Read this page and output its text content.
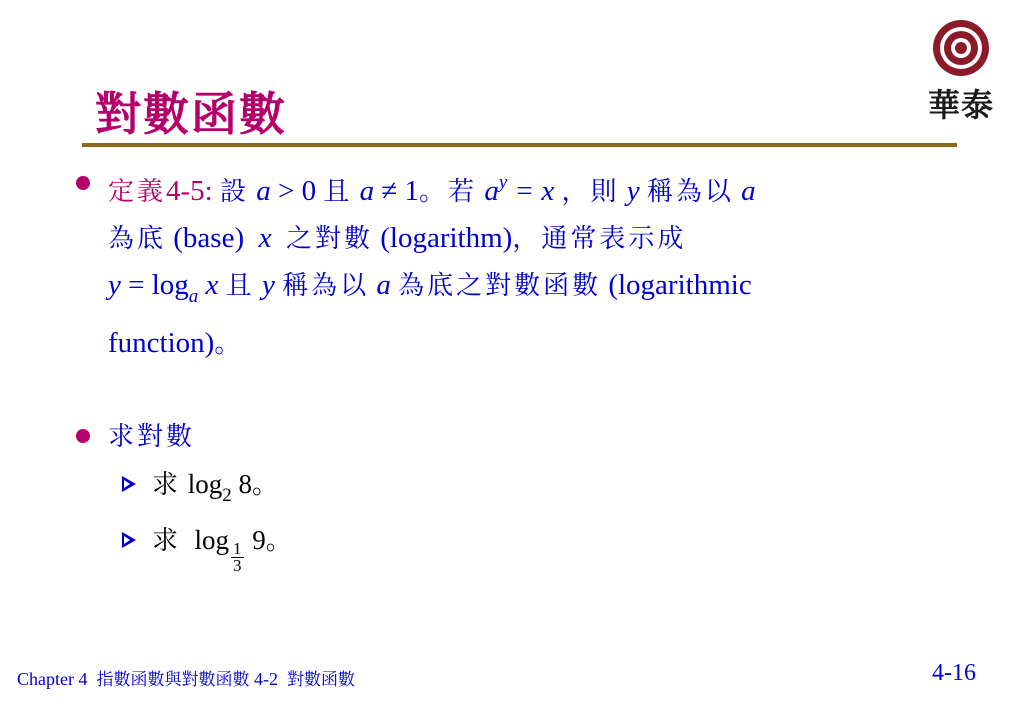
對數函數	華泰
定義4-5: 設 a > 0 且 a ≠ 1。若 $a^y = x$ ，則 y 稱為以 a
為底 (base) x 之對數 (logarithm)，通常表示成
$y = \log_a x$ 且 y 稱為以 a 為底之對數函數 (logarithmic
function)。
求對數
求 $\log_2 8$。
求  log
$\frac{1}{3}$
9。
Chapter 4 指數函數與對數函數 4-2 對數函數	4-16
